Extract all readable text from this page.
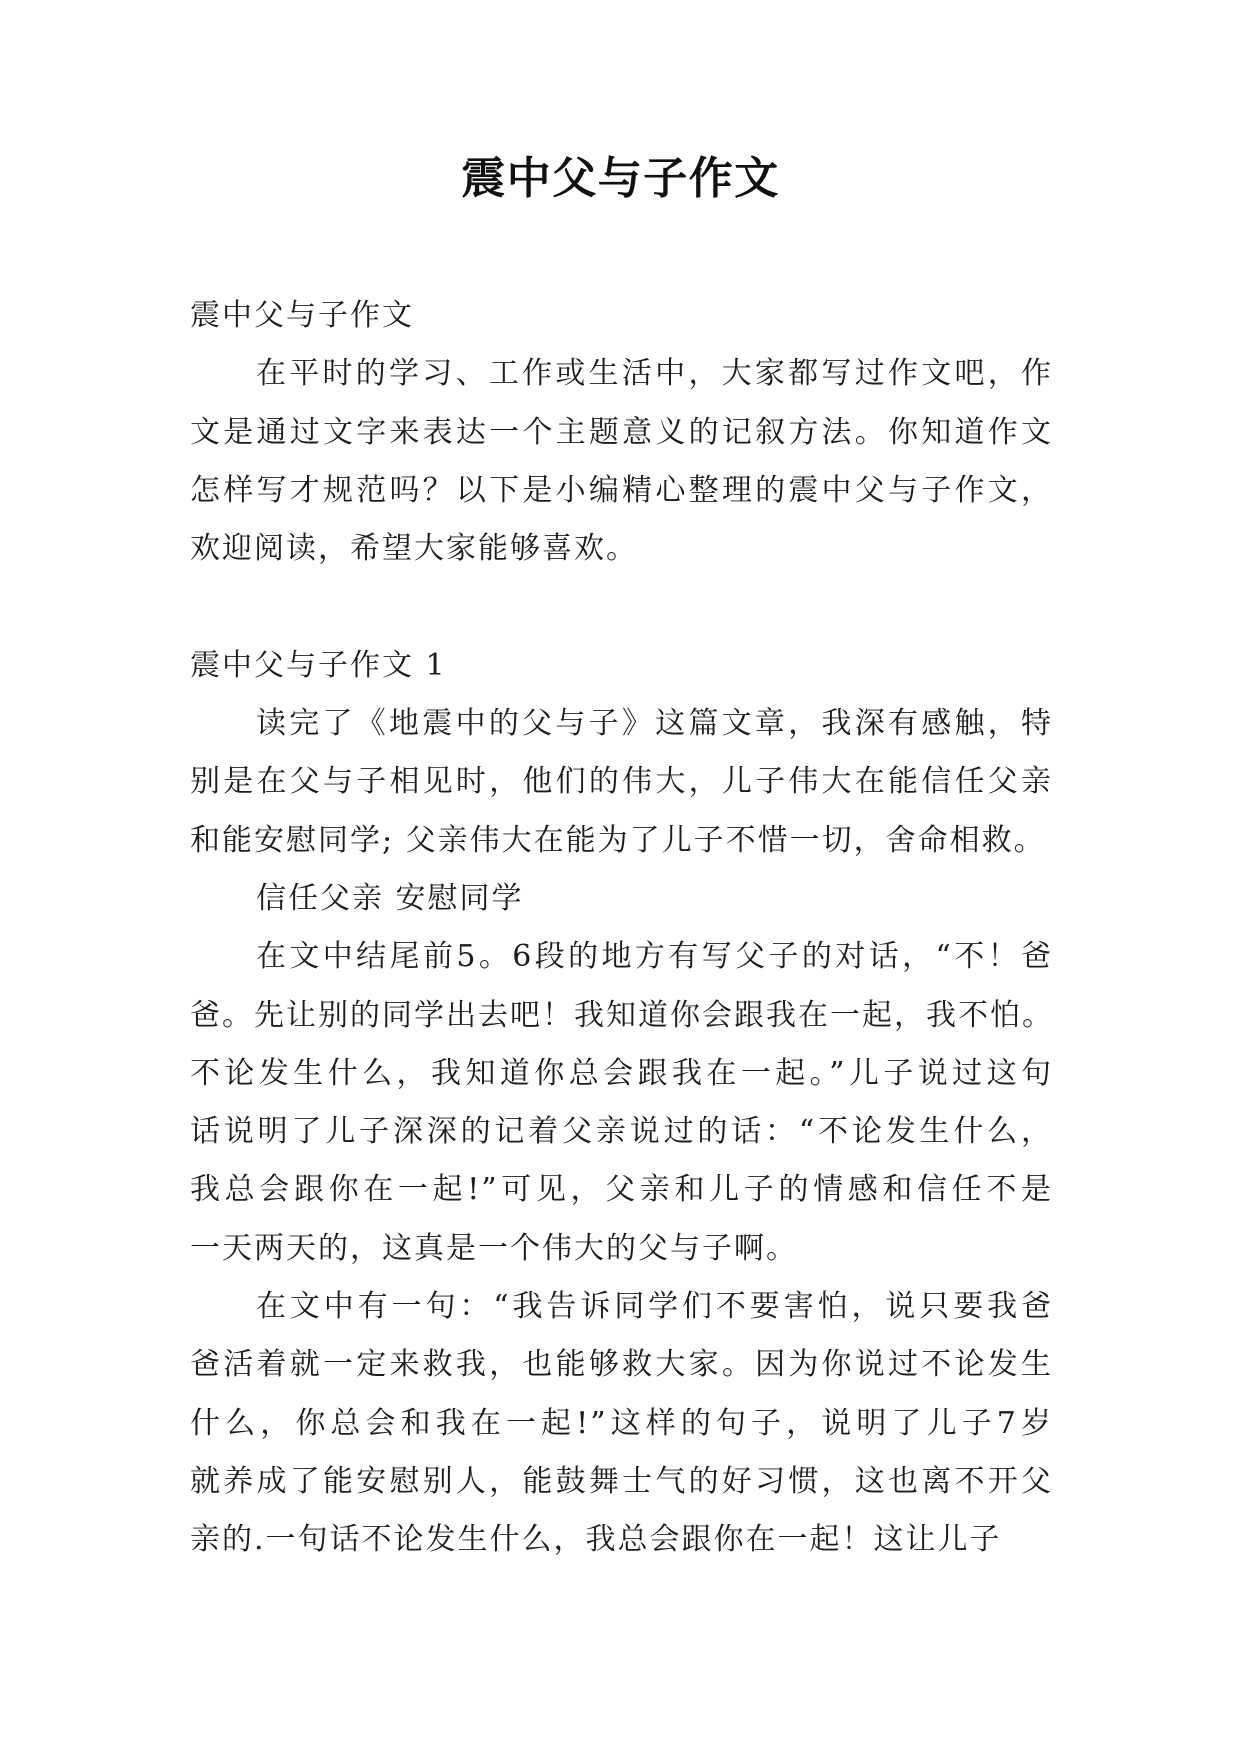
震中父与子作文
震中父与子作文
在平时的学习、工作或生活中，大家都写过作文吧，作
文是通过文字来表达一个主题意义的记叙方法。你知道作文
怎样写才规范吗？以下是小编精心整理的震中父与子作文，
欢迎阅读，希望大家能够喜欢。
震中父与子作文 1
读完了《地震中的父与子》这篇文章，我深有感触，特
别是在父与子相见时，他们的伟大，儿子伟大在能信任父亲
和能安慰同学; 父亲伟大在能为了儿子不惜一切，舍命相救。
信任父亲 安慰同学
在文中结尾前5。6段的地方有写父子的对话，“不！爸
爸。先让别的同学出去吧！我知道你会跟我在一起，我不怕。
不论发生什么，我知道你总会跟我在一起。”儿子说过这句
话说明了儿子深深的记着父亲说过的话：“不论发生什么，
我总会跟你在一起!”可见，父亲和儿子的情感和信任不是
一天两天的，这真是一个伟大的父与子啊。
在文中有一句：“我告诉同学们不要害怕，说只要我爸
爸活着就一定来救我，也能够救大家。因为你说过不论发生
什么，你总会和我在一起!”这样的句子，说明了儿子7岁
就养成了能安慰别人，能鼓舞士气的好习惯，这也离不开父
亲的.一句话不论发生什么，我总会跟你在一起！这让儿子
